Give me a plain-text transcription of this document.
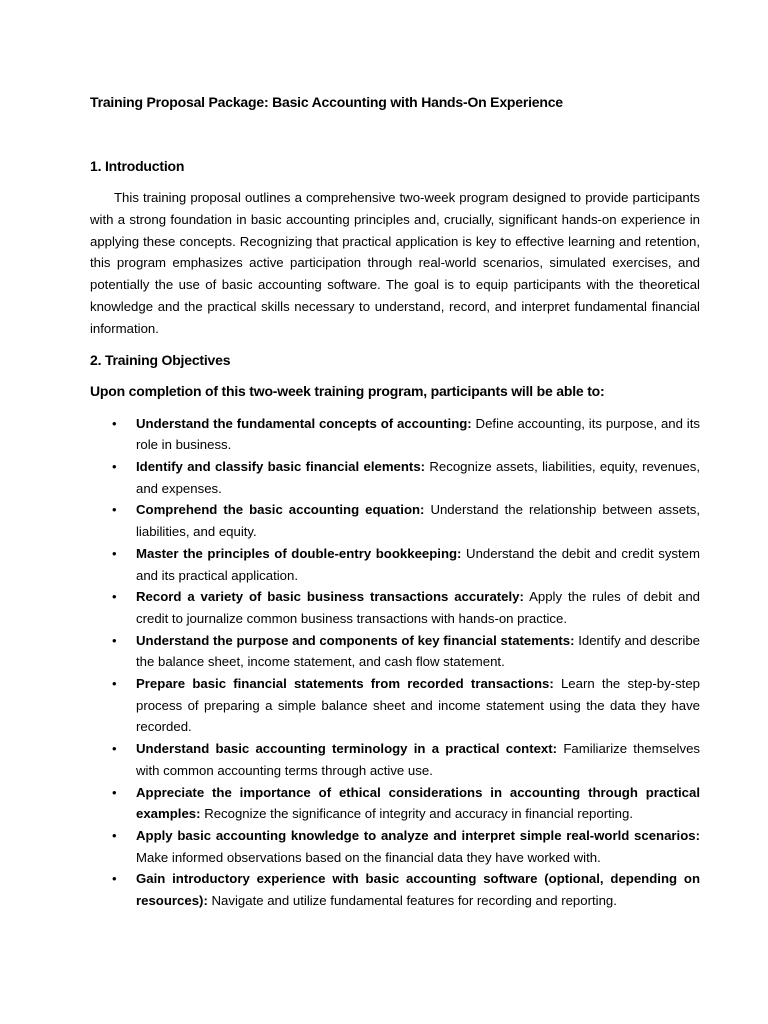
Training Proposal Package: Basic Accounting with Hands-On Experience
1. Introduction

This training proposal outlines a comprehensive two-week program designed to provide participants with a strong foundation in basic accounting principles and, crucially, significant hands-on experience in applying these concepts. Recognizing that practical application is key to effective learning and retention, this program emphasizes active participation through real-world scenarios, simulated exercises, and potentially the use of basic accounting software. The goal is to equip participants with the theoretical knowledge and the practical skills necessary to understand, record, and interpret fundamental financial information.

2. Training Objectives
Upon completion of this two-week training program, participants will be able to:
• Understand the fundamental concepts of accounting: Define accounting, its purpose, and its role in business.
• Identify and classify basic financial elements: Recognize assets, liabilities, equity, revenues, and expenses.
• Comprehend the basic accounting equation: Understand the relationship between assets, liabilities, and equity.
• Master the principles of double-entry bookkeeping: Understand the debit and credit system and its practical application.
• Record a variety of basic business transactions accurately: Apply the rules of debit and credit to journalize common business transactions with hands-on practice.
• Understand the purpose and components of key financial statements: Identify and describe the balance sheet, income statement, and cash flow statement.
• Prepare basic financial statements from recorded transactions: Learn the step-by-step process of preparing a simple balance sheet and income statement using the data they have recorded.
• Understand basic accounting terminology in a practical context: Familiarize themselves with common accounting terms through active use.
• Appreciate the importance of ethical considerations in accounting through practical examples: Recognize the significance of integrity and accuracy in financial reporting.
• Apply basic accounting knowledge to analyze and interpret simple real-world scenarios: Make informed observations based on the financial data they have worked with.
• Gain introductory experience with basic accounting software (optional, depending on resources): Navigate and utilize fundamental features for recording and reporting.
